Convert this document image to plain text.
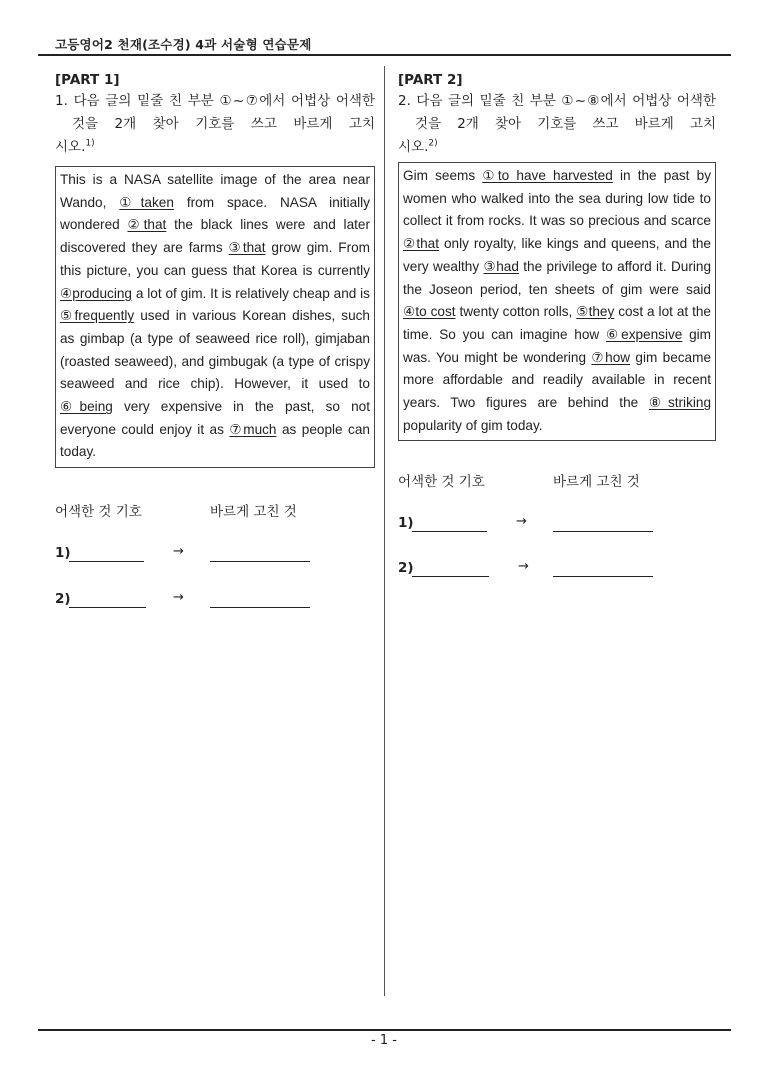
고등영어2 천재(조수경) 4과 서술형 연습문제
[PART 1]
1. 다음 글의 밑줄 친 부분 ①~⑦에서 어법상 어색한 것을 2개 찾아 기호를 쓰고 바르게 고치
시오.$^{1)}$
This is a NASA satellite image of the area near Wando, ①taken from space. NASA initially wondered ②that the black lines were and later discovered they are farms ③that grow gim. From this picture, you can guess that Korea is currently ④producing a lot of gim. It is relatively cheap and is ⑤frequently used in various Korean dishes, such as gimbap (a type of seaweed rice roll), gimjaban (roasted seaweed), and gimbugak (a type of crispy seaweed and rice chip). However, it used to ⑥being very expensive in the past, so not everyone could enjoy it as ⑦much as people can today.
어색한 것 기호	바르게 고친 것
1)	→
2)	→
[PART 2]
2. 다음 글의 밑줄 친 부분 ①~⑧에서 어법상 어색한 것을 2개 찾아 기호를 쓰고 바르게 고치
시오.$^{2)}$
Gim seems ①to have harvested in the past by women who walked into the sea during low tide to collect it from rocks. It was so precious and scarce ②that only royalty, like kings and queens, and the very wealthy ③had the privilege to afford it. During the Joseon period, ten sheets of gim were said ④to cost twenty cotton rolls, ⑤they cost a lot at the time. So you can imagine how ⑥expensive gim was. You might be wondering ⑦how gim became more affordable and readily available in recent years. Two figures are behind the ⑧striking popularity of gim today.
어색한 것 기호	바르게 고친 것
1)	→
2)	→
- 1 -
